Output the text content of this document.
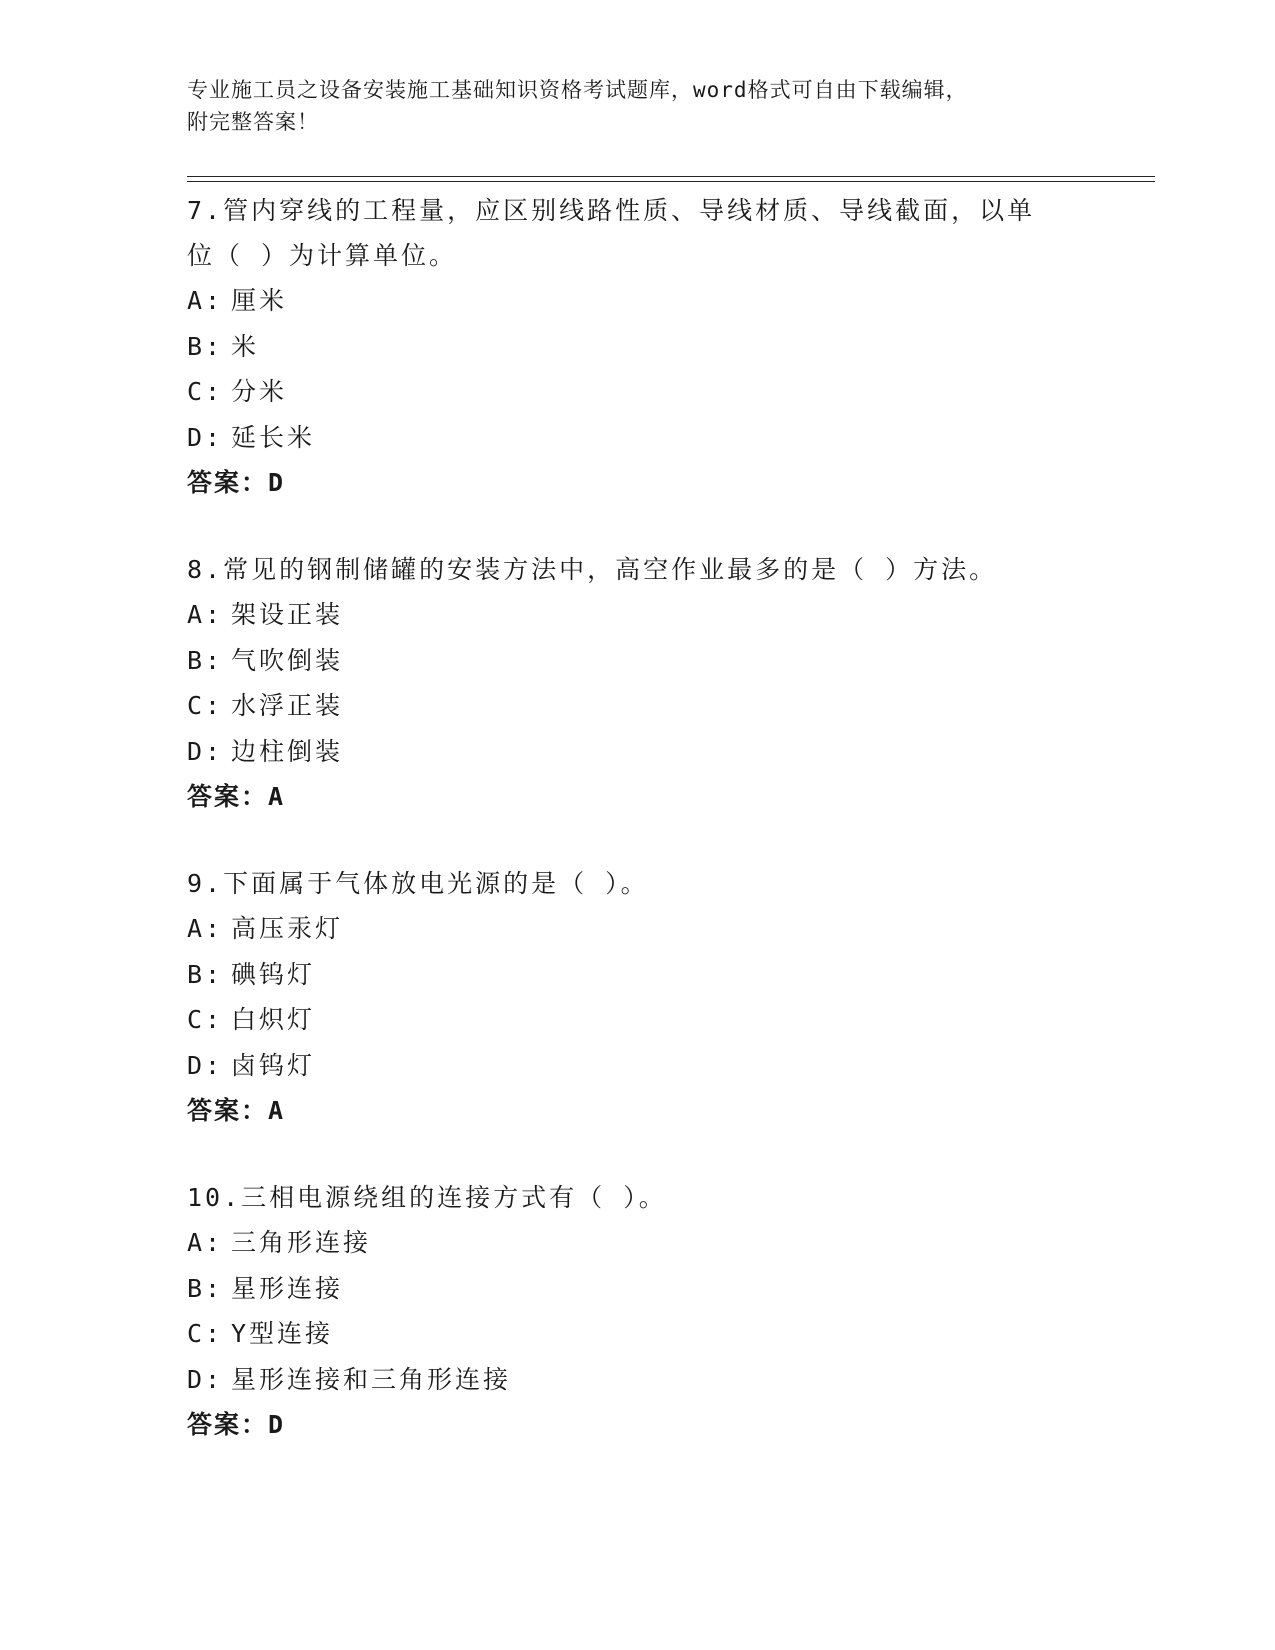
专业施工员之设备安装施工基础知识资格考试题库，word格式可自由下载编辑，
附完整答案！
7.管内穿线的工程量，应区别线路性质、导线材质、导线截面，以单
位（ ）为计算单位。
A: 厘米
B: 米
C: 分米
D: 延长米
答案：D
8.常见的钢制储罐的安装方法中，高空作业最多的是（ ）方法。
A: 架设正装
B: 气吹倒装
C: 水浮正装
D: 边柱倒装
答案：A
9.下面属于气体放电光源的是（ ）。
A: 高压汞灯
B: 碘钨灯
C: 白炽灯
D: 卤钨灯
答案：A
10.三相电源绕组的连接方式有（ ）。
A: 三角形连接
B: 星形连接
C: Y型连接
D: 星形连接和三角形连接
答案：D
